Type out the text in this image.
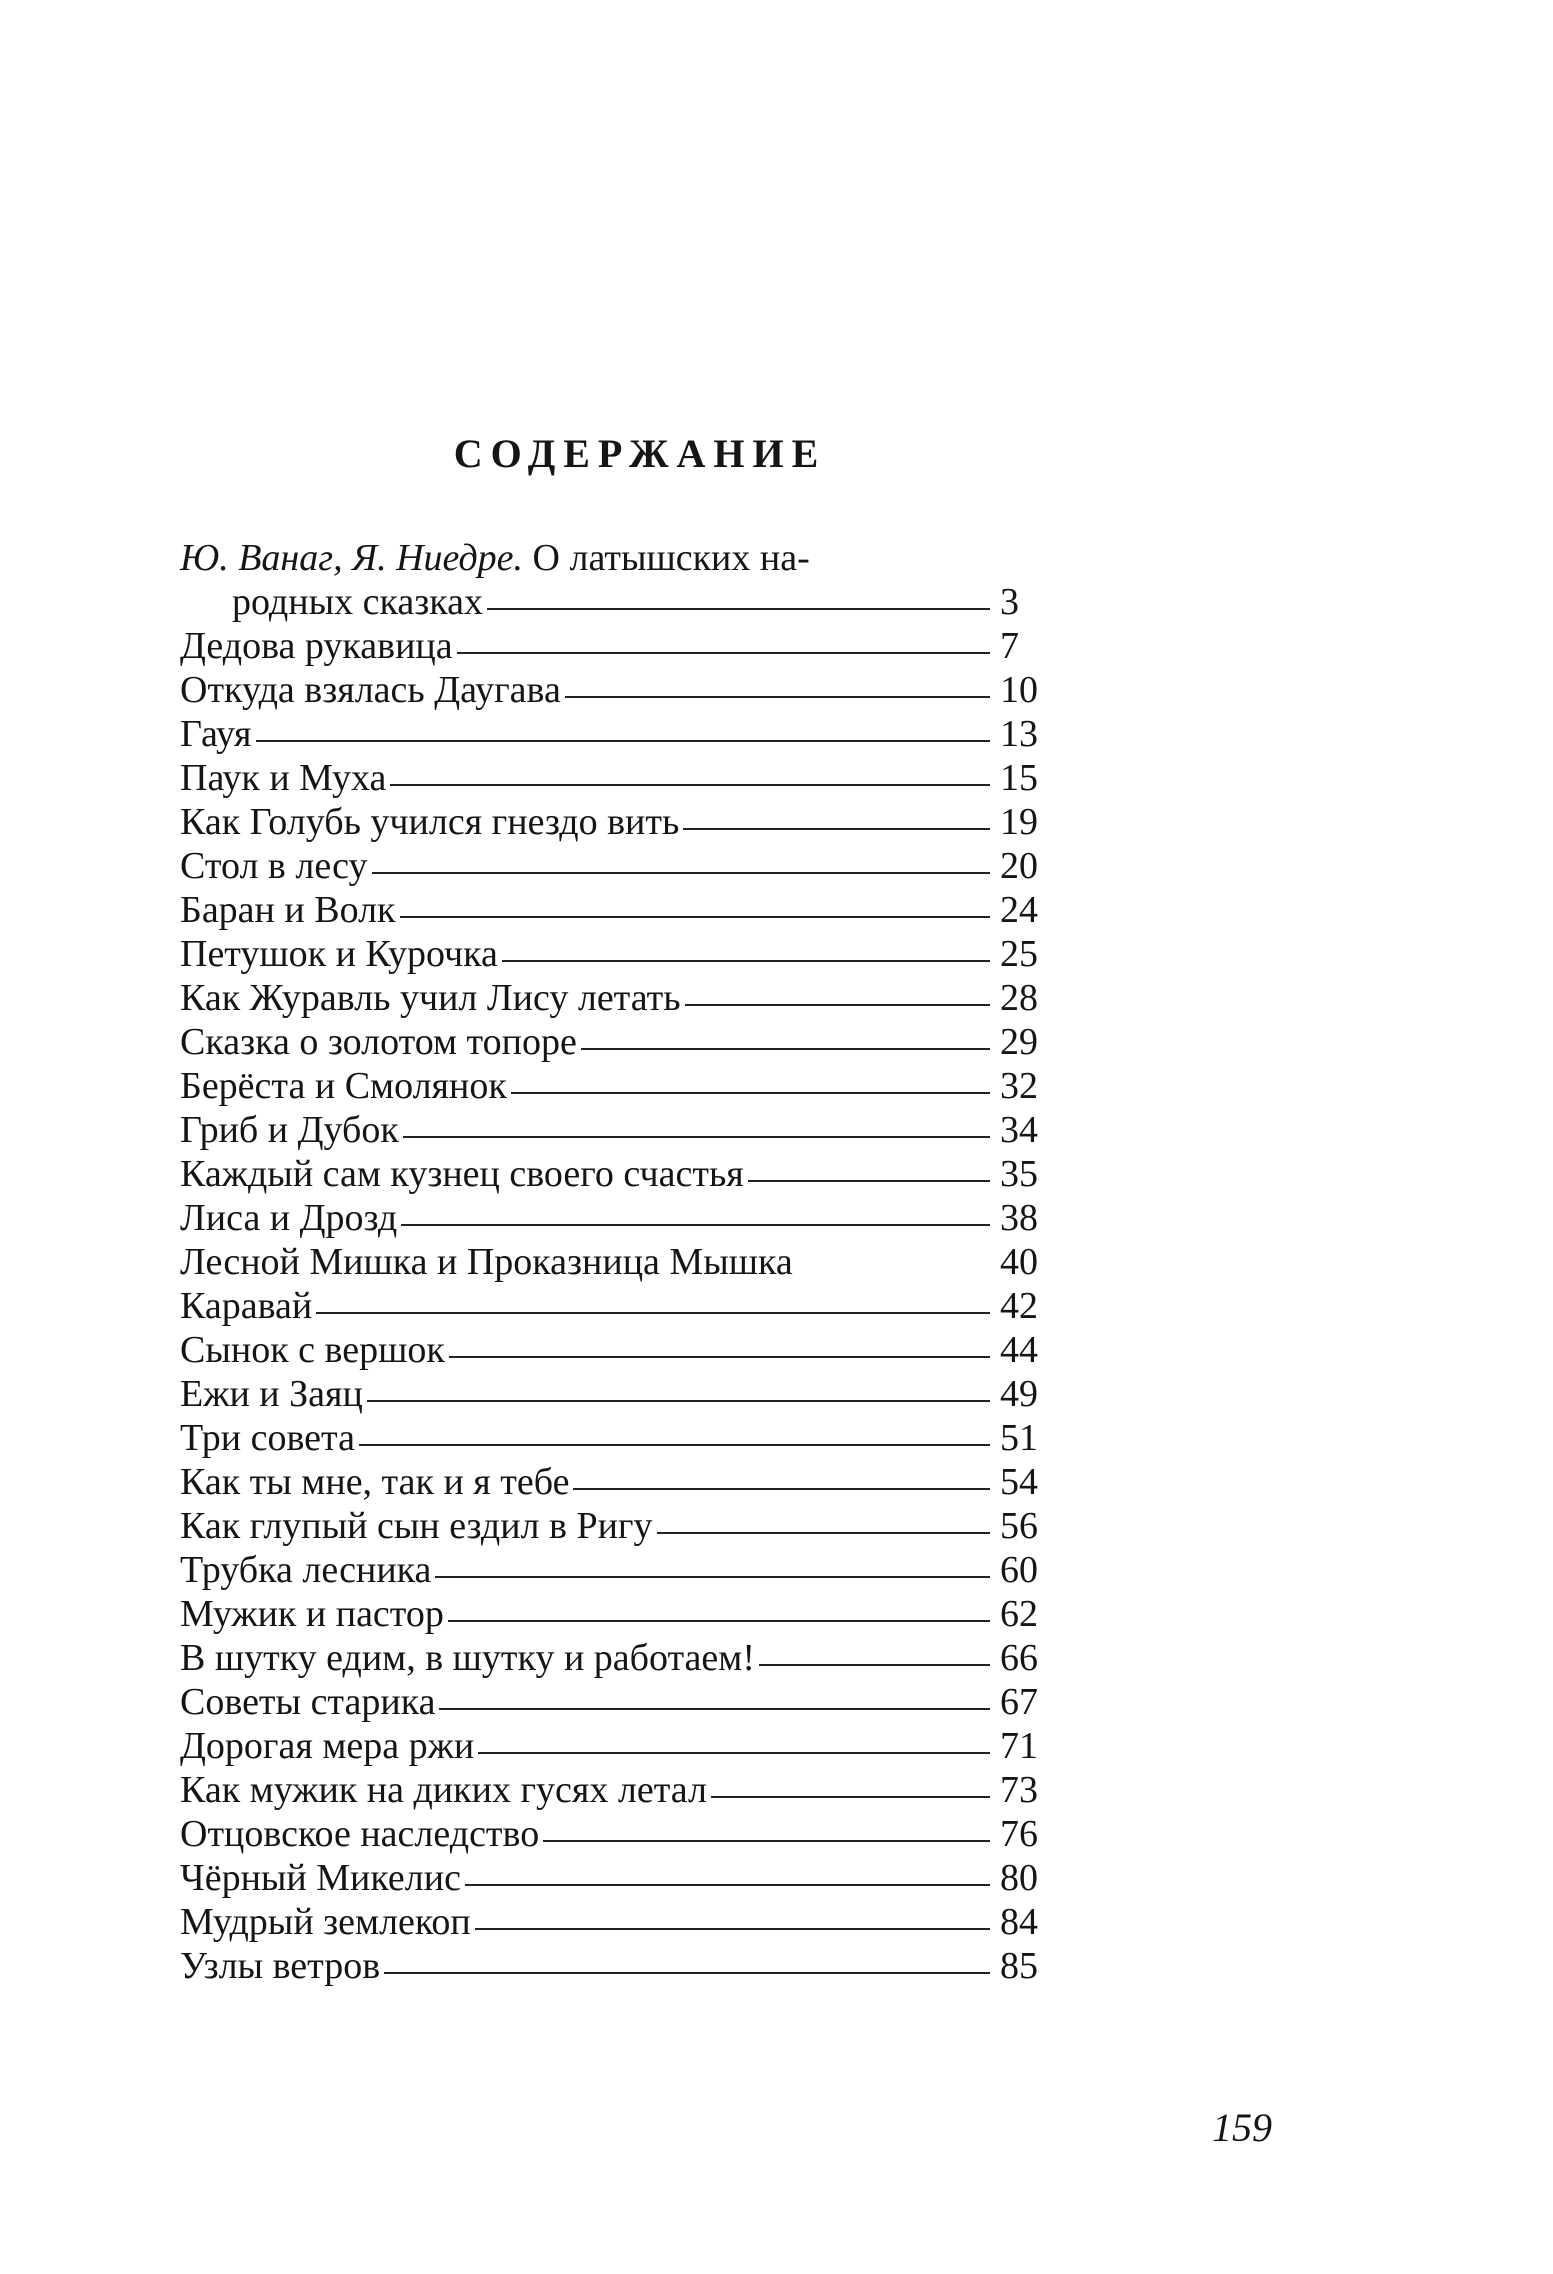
СОДЕРЖАНИЕ
Ю. Ванаг, Я. Ниедре. О латышских на-
родных сказках	3
Дедова рукавица	7
Откуда взялась Даугава	10
Гауя	13
Паук и Муха	15
Как Голубь учился гнездо вить	19
Стол в лесу	20
Баран и Волк	24
Петушок и Курочка	25
Как Журавль учил Лису летать	28
Сказка о золотом топоре	29
Берёста и Смолянок	32
Гриб и Дубок	34
Каждый сам кузнец своего счастья	35
Лиса и Дрозд	38
Лесной Мишка и Проказница Мышка	40
Каравай	42
Сынок с вершок	44
Ежи и Заяц	49
Три совета	51
Как ты мне, так и я тебе	54
Как глупый сын ездил в Ригу	56
Трубка лесника	60
Мужик и пастор	62
В шутку едим, в шутку и работаем!	66
Советы старика	67
Дорогая мера ржи	71
Как мужик на диких гусях летал	73
Отцовское наследство	76
Чёрный Микелис	80
Мудрый землекоп	84
Узлы ветров	85
159
